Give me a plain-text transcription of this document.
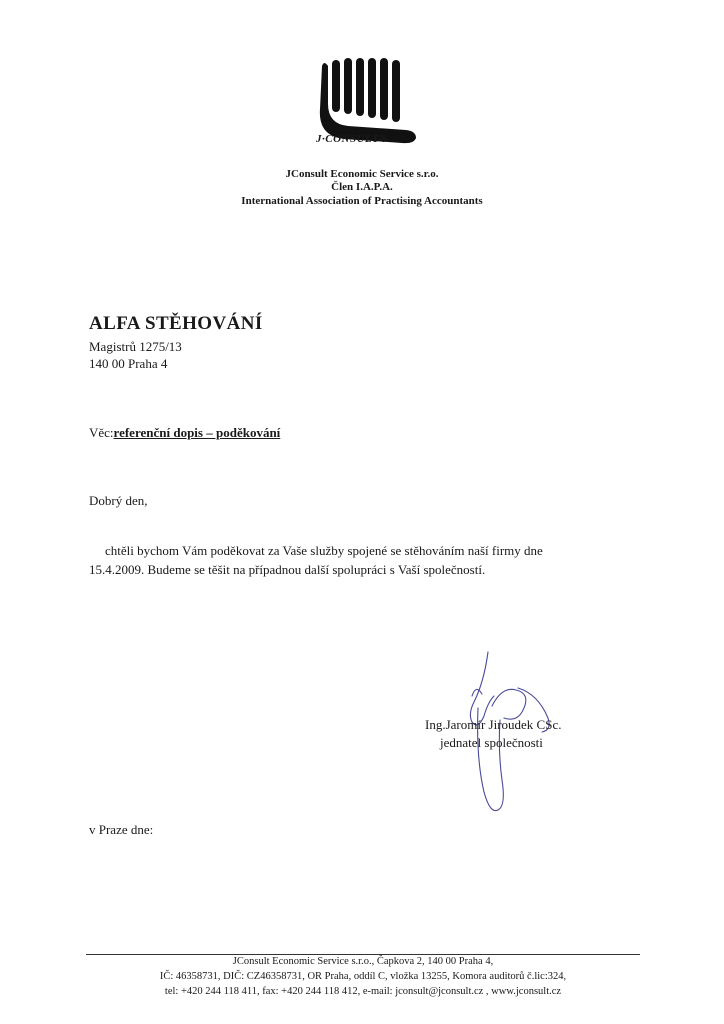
J·CONSULT®
JConsult Economic Service s.r.o.
Člen I.A.P.A.
International Association of Practising Accountants
ALFA STĚHOVÁNÍ
Magistrů 1275/13
140 00 Praha 4
Věc:referenční dopis – poděkování
Dobrý den,
chtěli bychom Vám poděkovat za Vaše služby spojené se stěhováním naší firmy dne
15.4.2009. Budeme se těšit na případnou další spolupráci s Vaší společností.
Ing.Jaromír Jiroudek CSc.
jednatel společnosti
v Praze dne:
JConsult Economic Service s.r.o., Čapkova 2, 140 00 Praha 4,
IČ: 46358731, DIČ: CZ46358731, OR Praha, oddíl C, vložka 13255, Komora auditorů č.lic:324,
tel: +420 244 118 411, fax: +420 244 118 412, e-mail: jconsult@jconsult.cz , www.jconsult.cz
